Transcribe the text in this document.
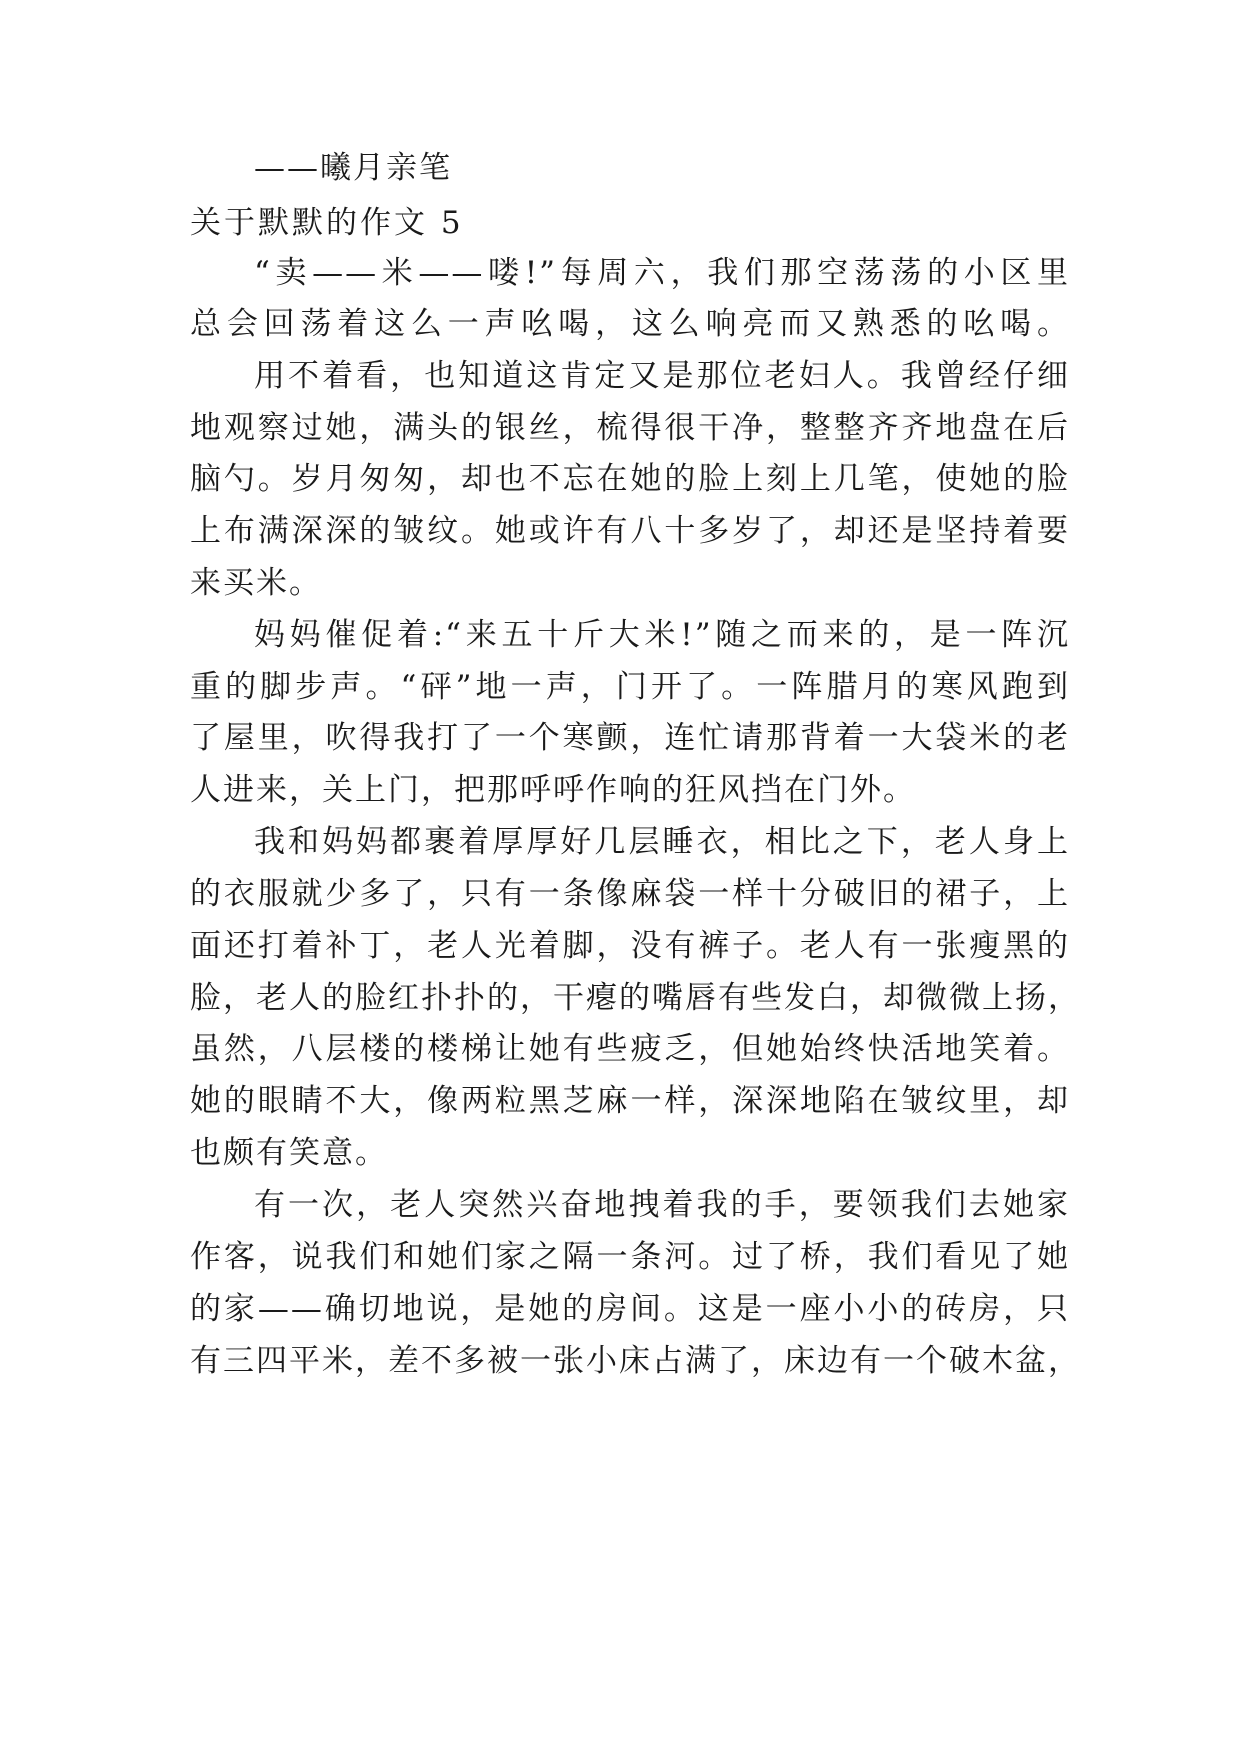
——曦月亲笔
关于默默的作文 5
“卖——米——喽!”每周六，我们那空荡荡的小区里
总会回荡着这么一声吆喝，这么响亮而又熟悉的吆喝。
用不着看，也知道这肯定又是那位老妇人。我曾经仔细
地观察过她，满头的银丝，梳得很干净，整整齐齐地盘在后
脑勺。岁月匆匆，却也不忘在她的脸上刻上几笔，使她的脸
上布满深深的皱纹。她或许有八十多岁了，却还是坚持着要
来买米。
妈妈催促着:“来五十斤大米!”随之而来的，是一阵沉
重的脚步声。“砰”地一声，门开了。一阵腊月的寒风跑到
了屋里，吹得我打了一个寒颤，连忙请那背着一大袋米的老
人进来，关上门，把那呼呼作响的狂风挡在门外。
我和妈妈都裹着厚厚好几层睡衣，相比之下，老人身上
的衣服就少多了，只有一条像麻袋一样十分破旧的裙子，上
面还打着补丁，老人光着脚，没有裤子。老人有一张瘦黑的
脸，老人的脸红扑扑的，干瘪的嘴唇有些发白，却微微上扬，
虽然，八层楼的楼梯让她有些疲乏，但她始终快活地笑着。
她的眼睛不大，像两粒黑芝麻一样，深深地陷在皱纹里，却
也颇有笑意。
有一次，老人突然兴奋地拽着我的手，要领我们去她家
作客，说我们和她们家之隔一条河。过了桥，我们看见了她
的家——确切地说，是她的房间。这是一座小小的砖房，只
有三四平米，差不多被一张小床占满了，床边有一个破木盆，
